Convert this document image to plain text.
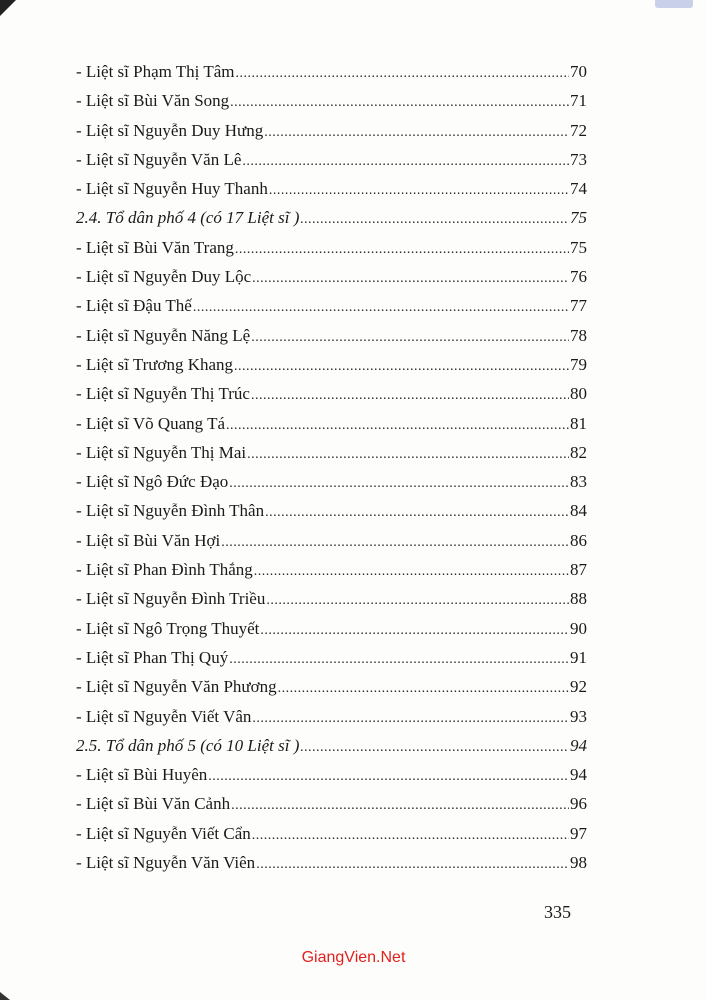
- Liệt sĩ Phạm Thị Tâm .....	70
- Liệt sĩ Bùi Văn Song .....	71
- Liệt sĩ Nguyễn Duy Hưng .....	72
- Liệt sĩ Nguyễn Văn Lê .....	73
- Liệt sĩ Nguyễn Huy Thanh .....	74
2.4. Tổ dân phố 4 (có 17 Liệt sĩ ) .....	75
- Liệt sĩ Bùi Văn Trang .....	75
- Liệt sĩ Nguyễn Duy Lộc .....	76
- Liệt sĩ Đậu Thế .....	77
- Liệt sĩ Nguyễn Năng Lệ .....	78
- Liệt sĩ Trương Khang .....	79
- Liệt sĩ Nguyễn Thị Trúc .....	80
- Liệt sĩ Võ Quang Tá .....	81
- Liệt sĩ Nguyễn Thị Mai .....	82
- Liệt sĩ Ngô Đức Đạo .....	83
- Liệt sĩ Nguyễn Đình Thân .....	84
- Liệt sĩ Bùi Văn Hợi .....	86
- Liệt sĩ Phan Đình Thắng .....	87
- Liệt sĩ Nguyễn Đình Triều .....	88
- Liệt sĩ Ngô Trọng Thuyết .....	90
- Liệt sĩ Phan Thị Quý .....	91
- Liệt sĩ Nguyễn Văn Phương .....	92
- Liệt sĩ Nguyễn Viết Vân .....	93
2.5. Tổ dân phố 5 (có 10 Liệt sĩ ) .....	94
- Liệt sĩ Bùi Huyên .....	94
- Liệt sĩ Bùi Văn Cảnh .....	96
- Liệt sĩ Nguyễn Viết Cẩn .....	97
- Liệt sĩ Nguyễn Văn Viên .....	98
335
GiangVien.Net
